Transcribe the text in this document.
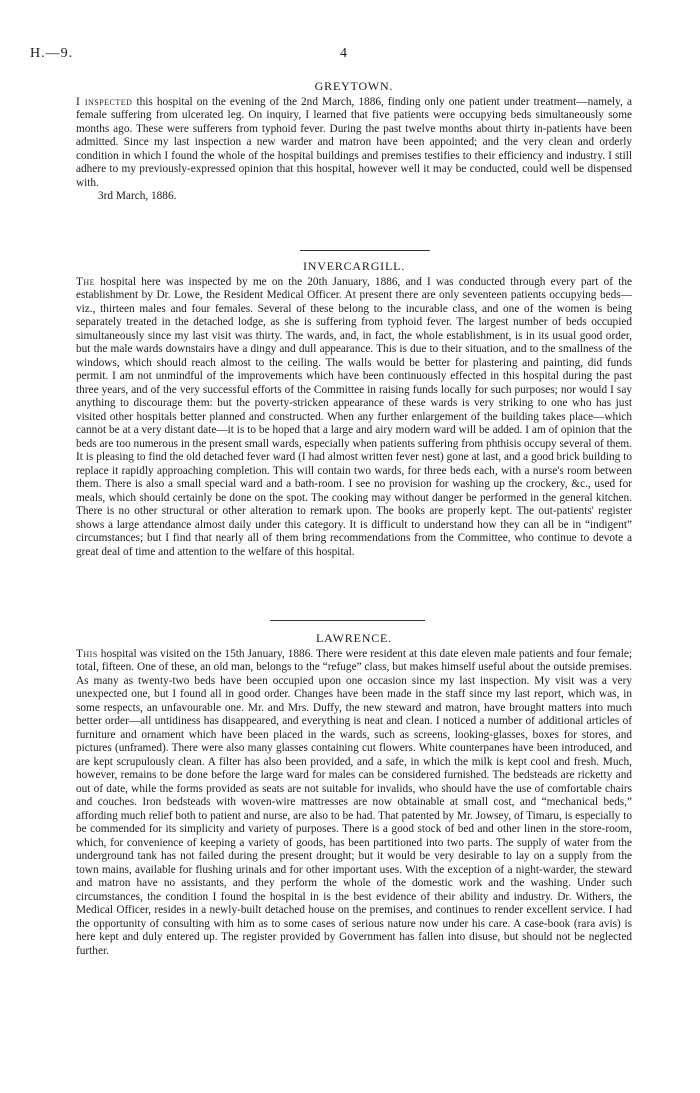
H.—9.	4
GREYTOWN.

I inspected this hospital on the evening of the 2nd March, 1886, finding only one patient under treatment—namely, a female suffering from ulcerated leg. On inquiry, I learned that five patients were occupying beds simultaneously some months ago. These were sufferers from typhoid fever. During the past twelve months about thirty in-patients have been admitted. Since my last inspection a new warder and matron have been appointed; and the very clean and orderly condition in which I found the whole of the hospital buildings and premises testifies to their efficiency and industry. I still adhere to my previously-expressed opinion that this hospital, however well it may be conducted, could well be dispensed with.

3rd March, 1886.

INVERCARGILL.

The hospital here was inspected by me on the 20th January, 1886, and I was conducted through every part of the establishment by Dr. Lowe, the Resident Medical Officer. At present there are only seventeen patients occupying beds—viz., thirteen males and four females. Several of these belong to the incurable class, and one of the women is being separately treated in the detached lodge, as she is suffering from typhoid fever. The largest number of beds occupied simultaneously since my last visit was thirty. The wards, and, in fact, the whole establishment, is in its usual good order, but the male wards downstairs have a dingy and dull appearance. This is due to their situation, and to the smallness of the windows, which should reach almost to the ceiling. The walls would be better for plastering and painting, did funds permit. I am not unmindful of the improvements which have been continuously effected in this hospital during the past three years, and of the very successful efforts of the Committee in raising funds locally for such purposes; nor would I say anything to discourage them: but the poverty-stricken appearance of these wards is very striking to one who has just visited other hospitals better planned and constructed. When any further enlargement of the building takes place—which cannot be at a very distant date—it is to be hoped that a large and airy modern ward will be added. I am of opinion that the beds are too numerous in the present small wards, especially when patients suffering from phthisis occupy several of them. It is pleasing to find the old detached fever ward (I had almost written fever nest) gone at last, and a good brick building to replace it rapidly approaching completion. This will contain two wards, for three beds each, with a nurse's room between them. There is also a small special ward and a bath-room. I see no provision for washing up the crockery, &c., used for meals, which should certainly be done on the spot. The cooking may without danger be performed in the general kitchen. There is no other structural or other alteration to remark upon. The books are properly kept. The out-patients' register shows a large attendance almost daily under this category. It is difficult to understand how they can all be in “indigent” circumstances; but I find that nearly all of them bring recommendations from the Committee, who continue to devote a great deal of time and attention to the welfare of this hospital.

LAWRENCE.

This hospital was visited on the 15th January, 1886. There were resident at this date eleven male patients and four female; total, fifteen. One of these, an old man, belongs to the “refuge” class, but makes himself useful about the outside premises. As many as twenty-two beds have been occupied upon one occasion since my last inspection. My visit was a very unexpected one, but I found all in good order. Changes have been made in the staff since my last report, which was, in some respects, an unfavourable one. Mr. and Mrs. Duffy, the new steward and matron, have brought matters into much better order—all untidiness has disappeared, and everything is neat and clean. I noticed a number of additional articles of furniture and ornament which have been placed in the wards, such as screens, looking-glasses, boxes for stores, and pictures (unframed). There were also many glasses containing cut flowers. White counterpanes have been introduced, and are kept scrupulously clean. A filter has also been provided, and a safe, in which the milk is kept cool and fresh. Much, however, remains to be done before the large ward for males can be considered furnished. The bedsteads are ricketty and out of date, while the forms provided as seats are not suitable for invalids, who should have the use of comfortable chairs and couches. Iron bedsteads with woven-wire mattresses are now obtainable at small cost, and “mechanical beds,” affording much relief both to patient and nurse, are also to be had. That patented by Mr. Jowsey, of Timaru, is especially to be commended for its simplicity and variety of purposes. There is a good stock of bed and other linen in the store-room, which, for convenience of keeping a variety of goods, has been partitioned into two parts. The supply of water from the underground tank has not failed during the present drought; but it would be very desirable to lay on a supply from the town mains, available for flushing urinals and for other important uses. With the exception of a night-warder, the steward and matron have no assistants, and they perform the whole of the domestic work and the washing. Under such circumstances, the condition I found the hospital in is the best evidence of their ability and industry. Dr. Withers, the Medical Officer, resides in a newly-built detached house on the premises, and continues to render excellent service. I had the opportunity of consulting with him as to some cases of serious nature now under his care. A case-book (rara avis) is here kept and duly entered up. The register provided by Government has fallen into disuse, but should not be neglected further.
